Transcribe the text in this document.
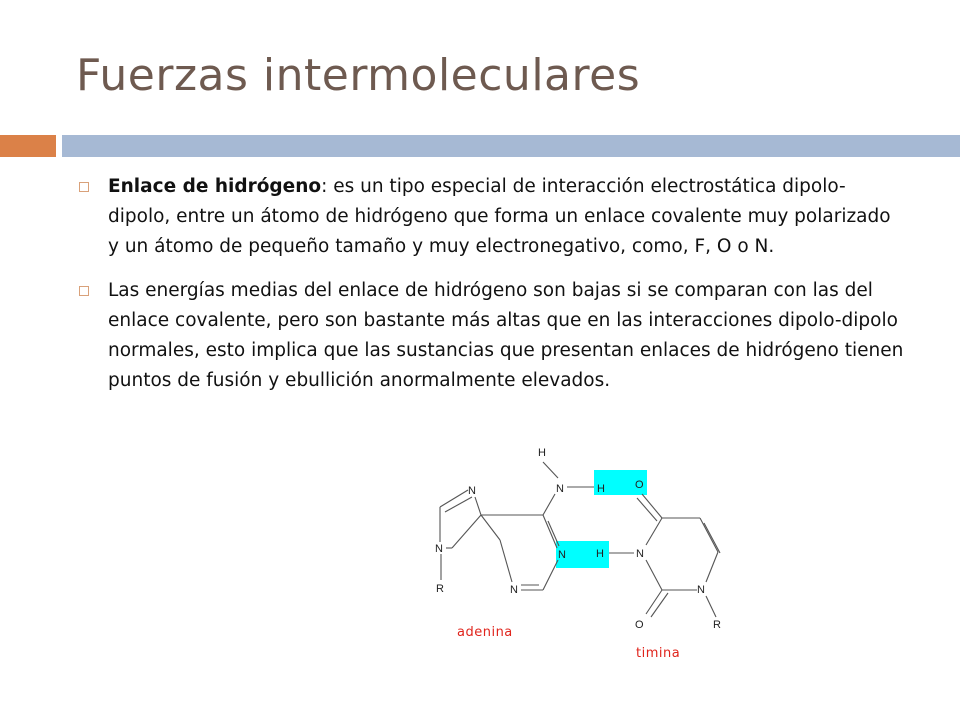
Fuerzas intermoleculares
Enlace de hidrógeno: es un tipo especial de interacción electrostática dipolo-dipolo, entre un átomo de hidrógeno que forma un enlace covalente muy polarizado y un átomo de pequeño tamaño y muy electronegativo, como, F, O o N.
Las energías medias del enlace de hidrógeno son bajas si se comparan con las del enlace covalente, pero son bastante más altas que en las interacciones dipolo-dipolo normales, esto implica que las sustancias que presentan enlaces de hidrógeno tienen puntos de fusión y ebullición anormalmente elevados.
H
N	H	O
N
N
R
N
N
H	N
N
O	R
adenina
timina
